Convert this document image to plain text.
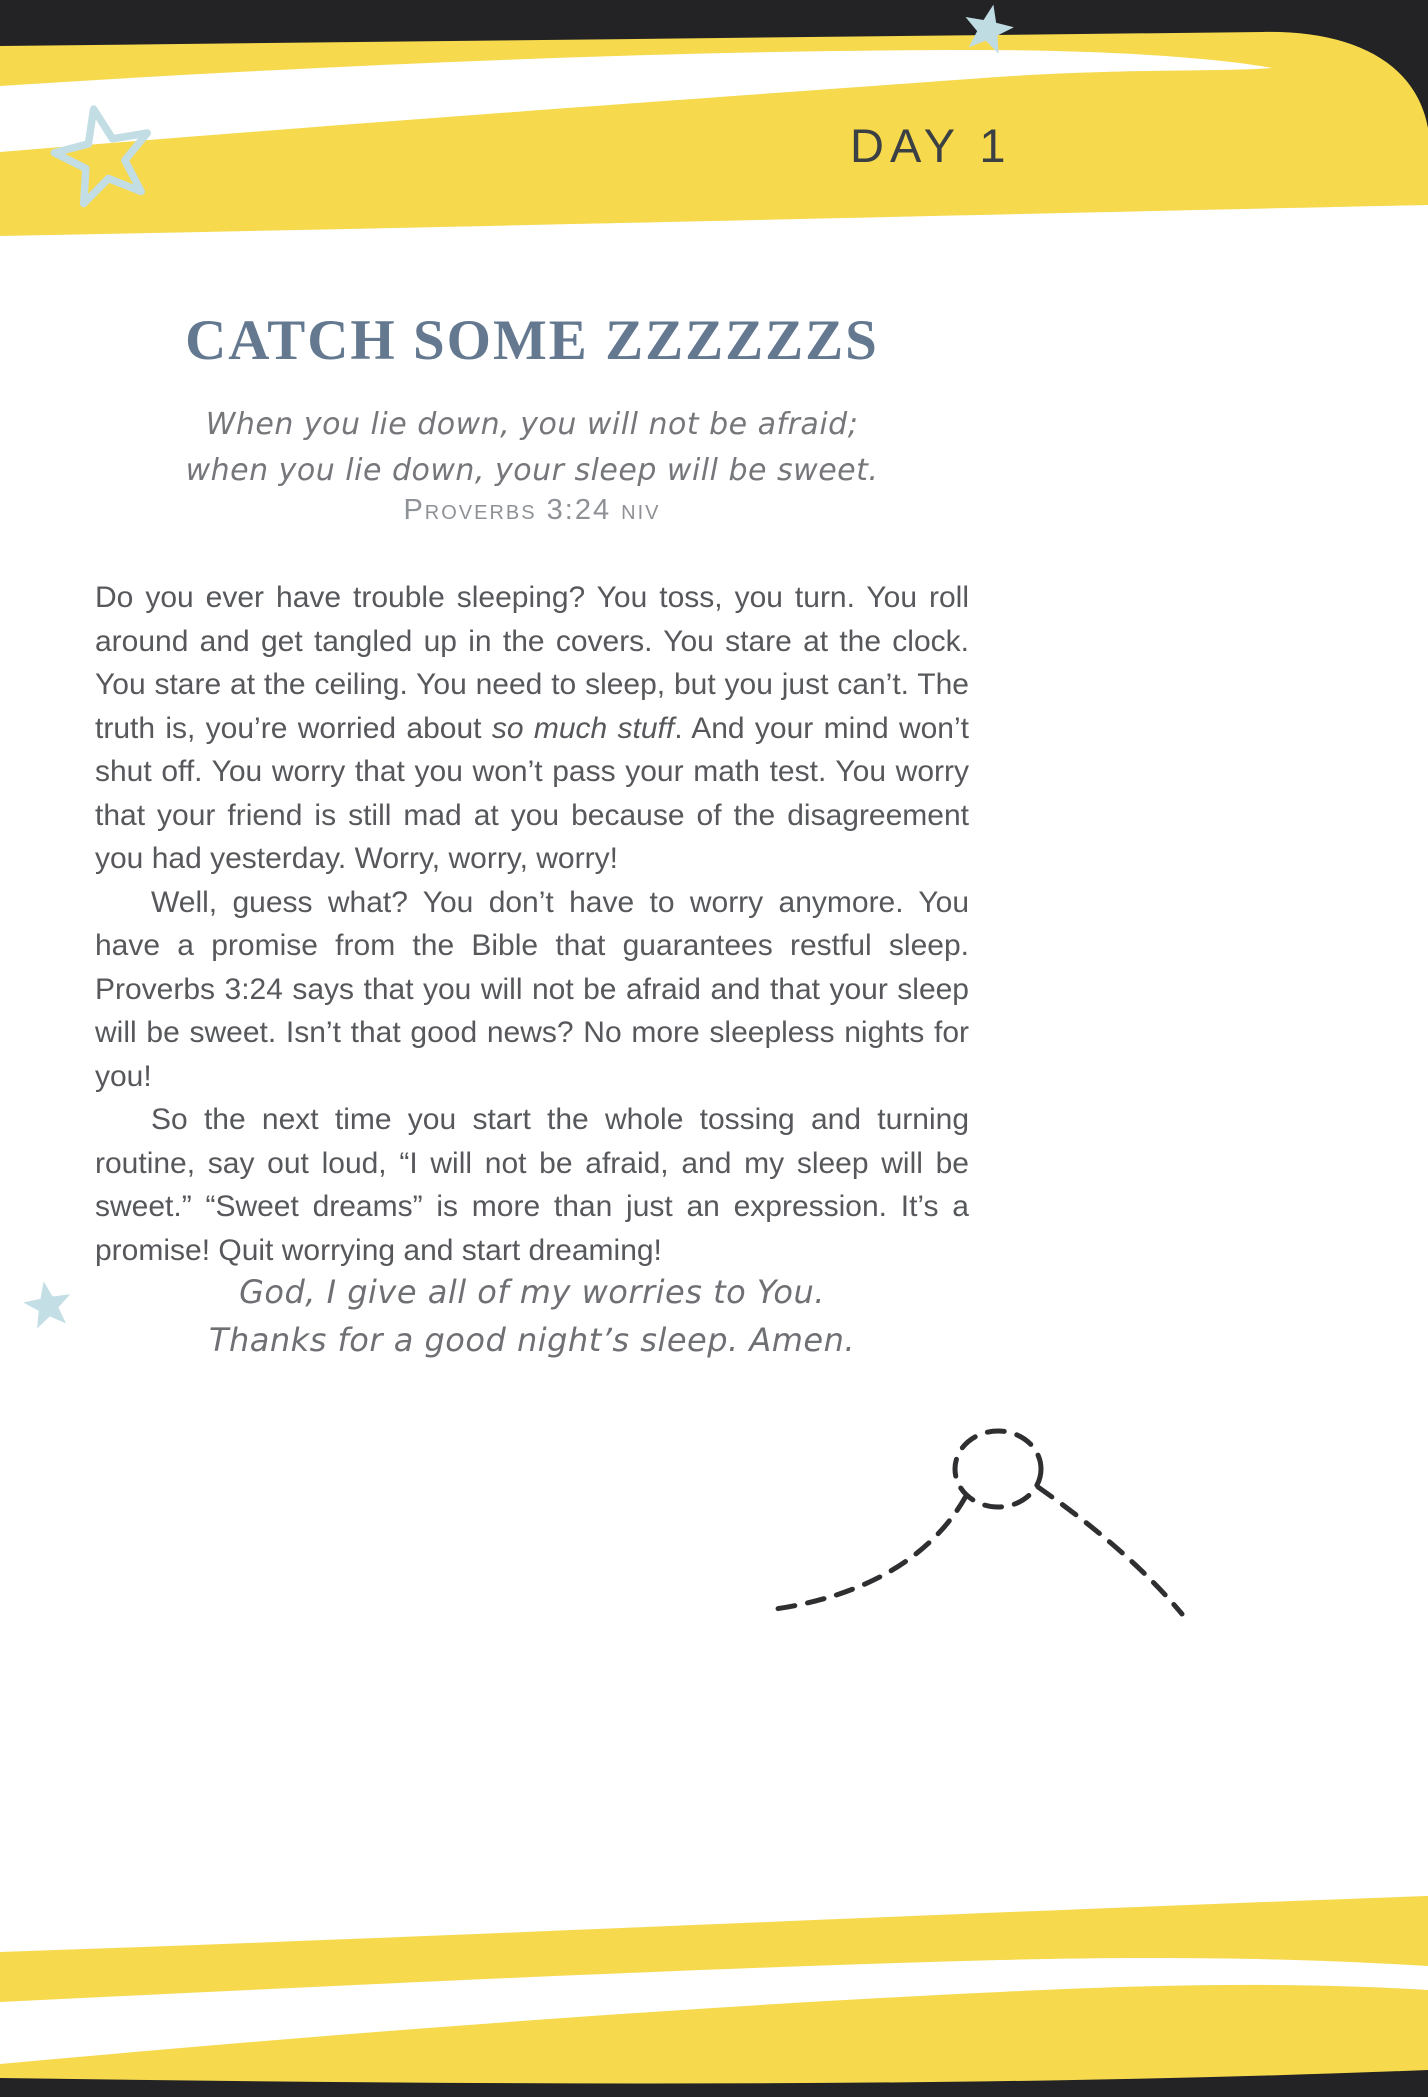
DAY 1
CATCH SOME ZZZZZZS
When you lie down, you will not be afraid;
when you lie down, your sleep will be sweet.
Proverbs 3:24 niv

Do you ever have trouble sleeping? You toss, you turn. You roll around and get tangled up in the covers. You stare at the clock. You stare at the ceiling. You need to sleep, but you just can’t. The truth is, you’re worried about so much stuff. And your mind won’t shut off. You worry that you won’t pass your math test. You worry that your friend is still mad at you because of the disagreement you had yesterday. Worry, worry, worry!

Well, guess what? You don’t have to worry anymore. You have a promise from the Bible that guarantees restful sleep. Proverbs 3:24 says that you will not be afraid and that your sleep will be sweet. Isn’t that good news? No more sleepless nights for you!

So the next time you start the whole tossing and turning routine, say out loud, “I will not be afraid, and my sleep will be sweet.” “Sweet dreams” is more than just an expression. It’s a promise! Quit worrying and start dreaming!

God, I give all of my worries to You.
Thanks for a good night’s sleep. Amen.
